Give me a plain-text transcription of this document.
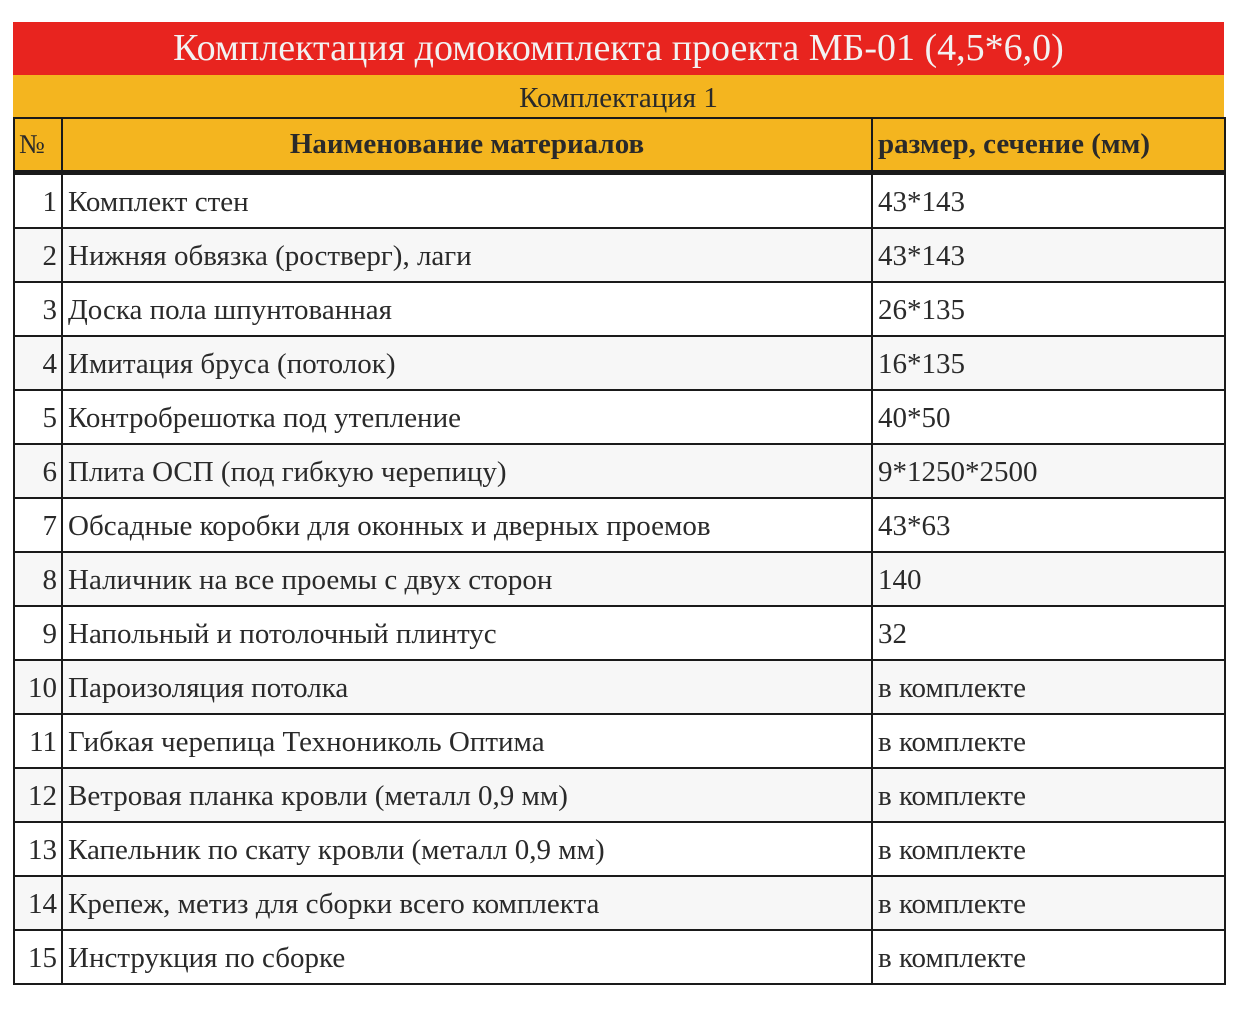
Комплектация домокомплекта проекта МБ-01 (4,5*6,0)
Комплектация 1
№	Наименование материалов	размер, сечение (мм)
1	Комплект стен	43*143
2	Нижняя обвязка (ростверг), лаги	43*143
3	Доска пола шпунтованная	26*135
4	Имитация бруса (потолок)	16*135
5	Контробрешотка под утепление	40*50
6	Плита ОСП (под гибкую черепицу)	9*1250*2500
7	Обсадные коробки для оконных и дверных проемов	43*63
8	Наличник на все проемы с двух сторон	140
9	Напольный и потолочный плинтус	32
10	Пароизоляция потолка	в комплекте
11	Гибкая черепица Технониколь Оптима	в комплекте
12	Ветровая планка кровли (металл 0,9 мм)	в комплекте
13	Капельник по скату кровли (металл 0,9 мм)	в комплекте
14	Крепеж, метиз для сборки всего комплекта	в комплекте
15	Инструкция по сборке	в комплекте
